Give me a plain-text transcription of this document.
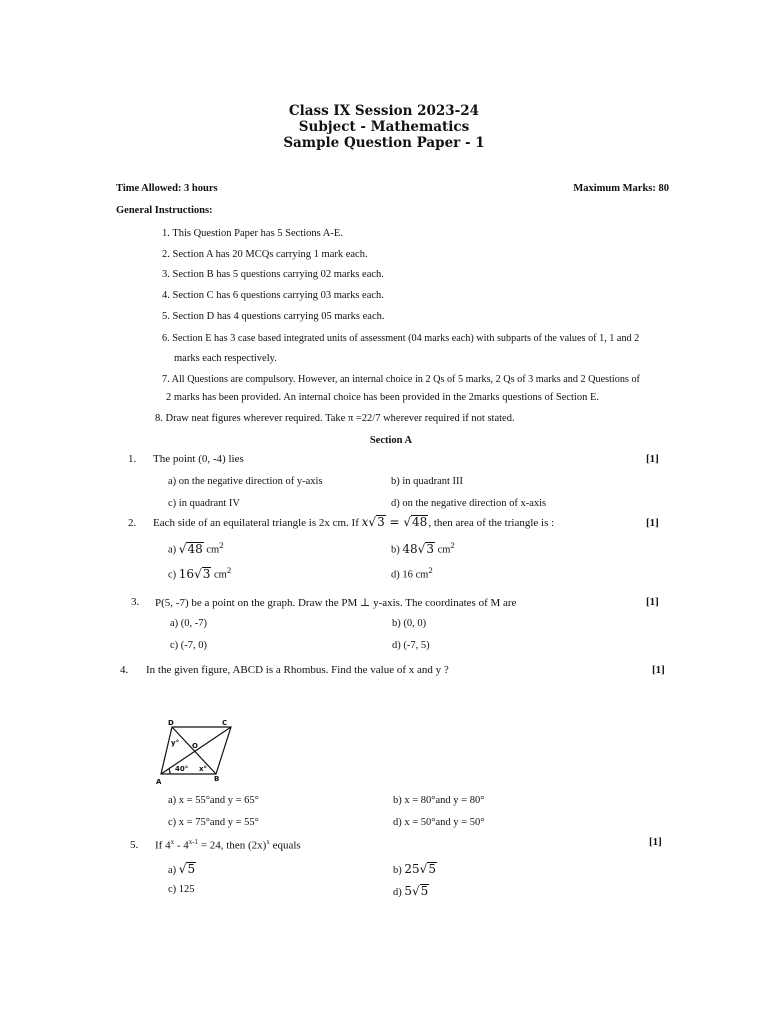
Class IX Session 2023-24
Subject - Mathematics
Sample Question Paper - 1
Time Allowed: 3 hours	Maximum Marks: 80
General Instructions:
1. This Question Paper has 5 Sections A-E.
2. Section A has 20 MCQs carrying 1 mark each.
3. Section B has 5 questions carrying 02 marks each.
4. Section C has 6 questions carrying 03 marks each.
5. Section D has 4 questions carrying 05 marks each.
6. Section E has 3 case based integrated units of assessment (04 marks each) with subparts of the values of 1, 1 and 2
marks each respectively.
7. All Questions are compulsory. However, an internal choice in 2 Qs of 5 marks, 2 Qs of 3 marks and 2 Questions of
2 marks has been provided. An internal choice has been provided in the 2marks questions of Section E.
8. Draw neat figures wherever required. Take π =22/7 wherever required if not stated.
Section A
1. The point (0, -4) lies	[1]
a) on the negative direction of y-axis	b) in quadrant III
c) in quadrant IV	d) on the negative direction of x-axis
2. Each side of an equilateral triangle is 2x cm. If x√3 = √48, then area of the triangle is :	[1]
a) √48 $cm^2$	b) 48√3 $cm^2$
c) 16√3 $cm^2$	d) 16 $cm^2$
3. P(5, -7) be a point on the graph. Draw the PM ⊥ y-axis. The coordinates of M are	[1]
a) (0, -7)	b) (0, 0)
c) (-7, 0)	d) (-7, 5)
4. In the given figure, ABCD is a Rhombus. Find the value of x and y ?	[1]
D	C
A	B
O
y°
x°
40°
a) x = 55°and y = 65°	b) x = 80°and y = 80°
c) x = 75°and y = 55°	d) x = 50°and y = 50°
5. If $4^x - 4^{x-1} = 24$, then $(2x)^x$ equals	[1]
a) √5	b) 25√5
c) 125	d) 5√5
